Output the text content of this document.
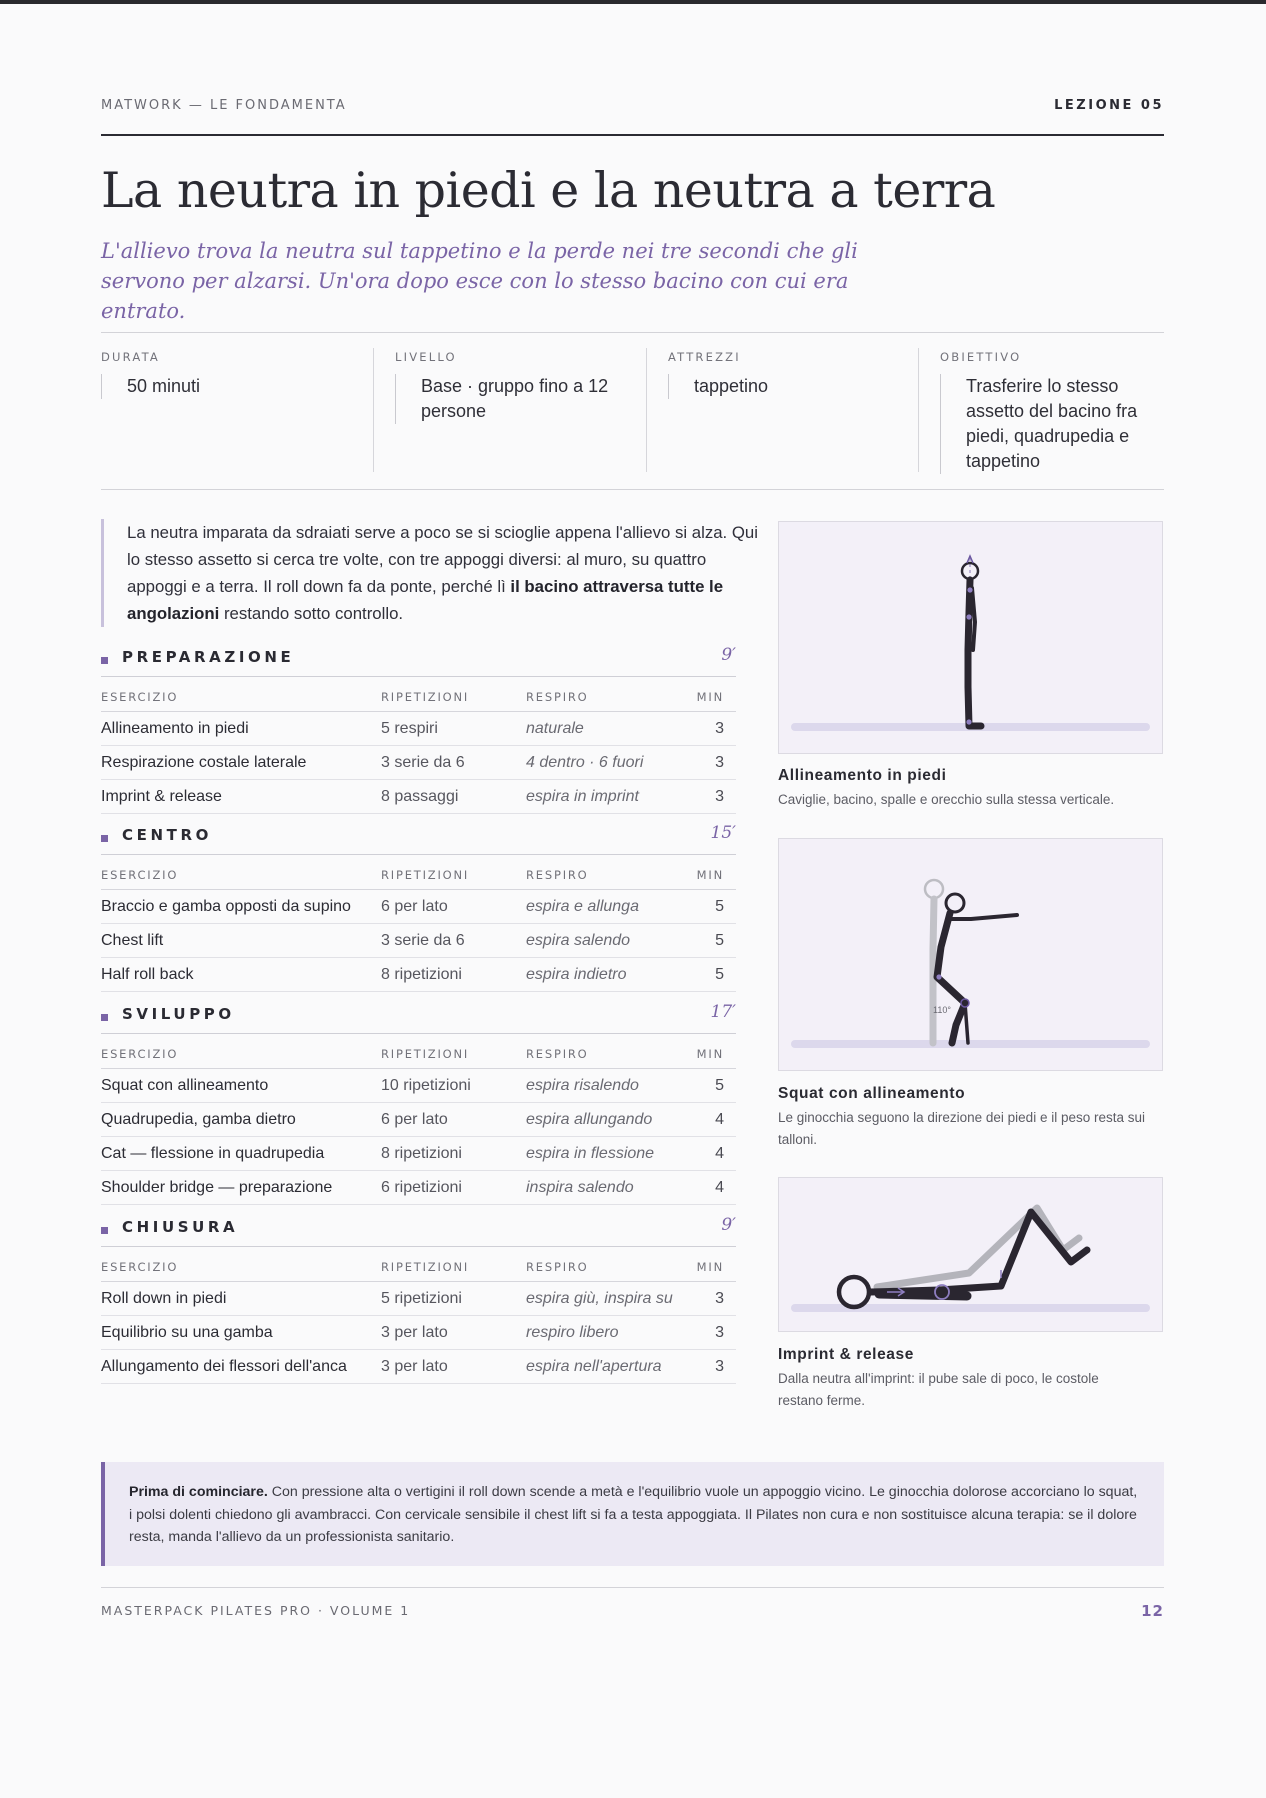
MATWORK — LE FONDAMENTA	LEZIONE 05
La neutra in piedi e la neutra a terra

L'allievo trova la neutra sul tappetino e la perde nei tre secondi che gli servono per alzarsi. Un'ora dopo esce con lo stesso bacino con cui era entrato.

DURATA
50 minuti
LIVELLO
Base · gruppo fino a 12 persone
ATTREZZI
tappetino
OBIETTIVO
Trasferire lo stesso assetto del bacino fra piedi, quadrupedia e tappetino
La neutra imparata da sdraiati serve a poco se si scioglie appena l'allievo si alza. Qui lo stesso assetto si cerca tre volte, con tre appoggi diversi: al muro, su quattro appoggi e a terra. Il roll down fa da ponte, perché lì il bacino attraversa tutte le angolazioni restando sotto controllo.
PREPARAZIONE	9′
ESERCIZIO	RIPETIZIONI	RESPIRO	MIN
Allineamento in piedi	5 respiri	naturale	3
Respirazione costale laterale	3 serie da 6	4 dentro · 6 fuori	3
Imprint & release	8 passaggi	espira in imprint	3
CENTRO	15′
ESERCIZIO	RIPETIZIONI	RESPIRO	MIN
Braccio e gamba opposti da supino 6 per lato	espira e allunga	5
Chest lift	3 serie da 6	espira salendo	5
Half roll back	8 ripetizioni	espira indietro	5
SVILUPPO	17′
ESERCIZIO	RIPETIZIONI	RESPIRO	MIN
Squat con allineamento	10 ripetizioni	espira risalendo	5
Quadrupedia, gamba dietro	6 per lato	espira allungando	4
Cat — flessione in quadrupedia	8 ripetizioni	espira in flessione	4
Shoulder bridge — preparazione	6 ripetizioni	inspira salendo	4
CHIUSURA	9′
ESERCIZIO	RIPETIZIONI	RESPIRO	MIN
Roll down in piedi	5 ripetizioni	espira giù, inspira su	3
Equilibrio su una gamba	3 per lato	respiro libero	3
Allungamento dei flessori dell'anca 3 per lato	espira nell'apertura	3
Allineamento in piedi
Caviglie, bacino, spalle e orecchio sulla stessa verticale.
110°
Squat con allineamento
Le ginocchia seguono la direzione dei piedi e il peso resta sui talloni.
Imprint & release
Dalla neutra all'imprint: il pube sale di poco, le costole restano ferme.
Prima di cominciare. Con pressione alta o vertigini il roll down scende a metà e l'equilibrio vuole un appoggio vicino. Le ginocchia dolorose accorciano lo squat, i polsi dolenti chiedono gli avambracci. Con cervicale sensibile il chest lift si fa a testa appoggiata. Il Pilates non cura e non sostituisce alcuna terapia: se il dolore resta, manda l'allievo da un professionista sanitario.
MASTERPACK PILATES PRO · VOLUME 1	12
